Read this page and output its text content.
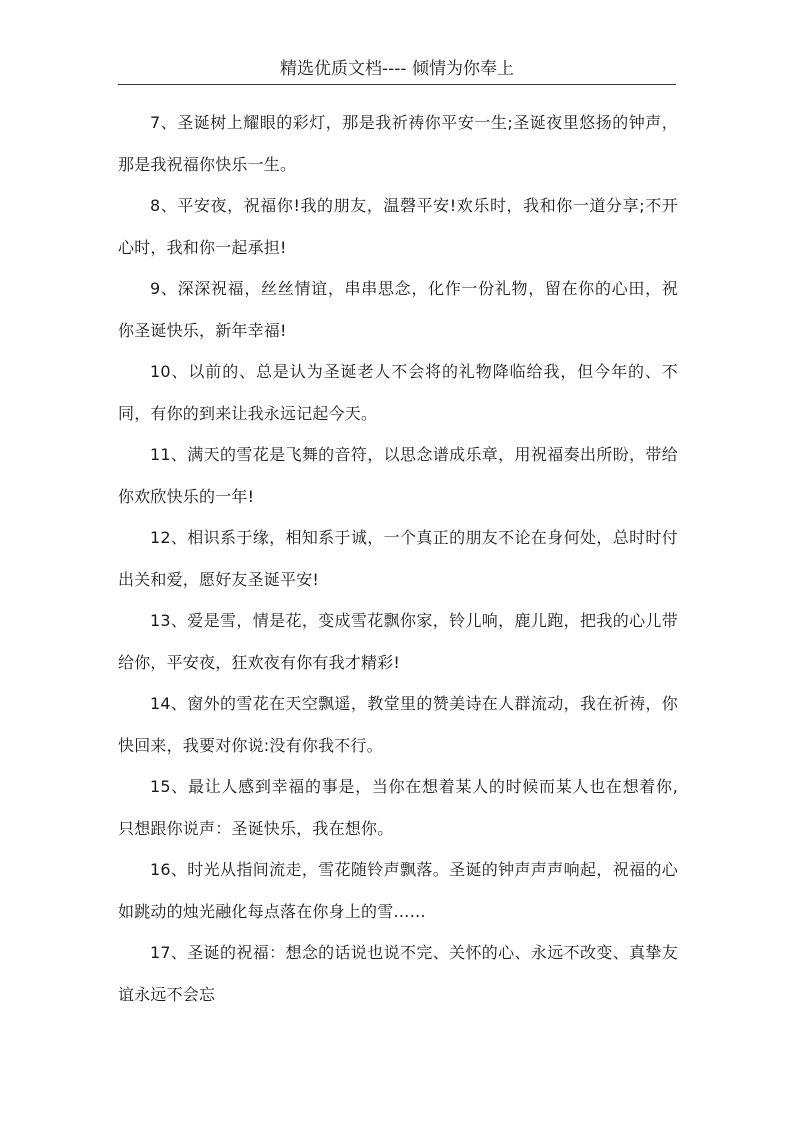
精选优质文档---- 倾情为你奉上

7、圣诞树上耀眼的彩灯，那是我祈祷你平安一生;圣诞夜里悠扬的钟声，那是我祝福你快乐一生。

8、平安夜，祝福你!我的朋友，温磬平安!欢乐时，我和你一道分享;不开心时，我和你一起承担!

9、深深祝福，丝丝情谊，串串思念，化作一份礼物，留在你的心田，祝你圣诞快乐，新年幸福!

10、以前的、总是认为圣诞老人不会将的礼物降临给我，但今年的、不同，有你的到来让我永远记起今天。

11、满天的雪花是飞舞的音符，以思念谱成乐章，用祝福奏出所盼，带给你欢欣快乐的一年!

12、相识系于缘，相知系于诚，一个真正的朋友不论在身何处，总时时付出关和爱，愿好友圣诞平安!

13、爱是雪，情是花，变成雪花飘你家，铃儿响，鹿儿跑，把我的心儿带给你，平安夜，狂欢夜有你有我才精彩!

14、窗外的雪花在天空飘遥，教堂里的赞美诗在人群流动，我在祈祷，你快回来，我要对你说:没有你我不行。

15、最让人感到幸福的事是，当你在想着某人的时候而某人也在想着你,只想跟你说声：圣诞快乐，我在想你。

16、时光从指间流走，雪花随铃声飘落。圣诞的钟声声声响起，祝福的心如跳动的烛光融化每点落在你身上的雪……

17、圣诞的祝福：想念的话说也说不完、关怀的心、永远不改变、真挚友谊永远不会忘
